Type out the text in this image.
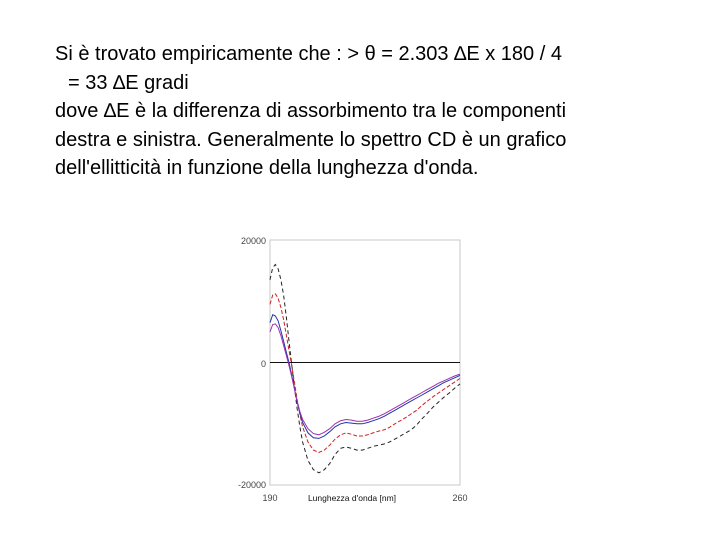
Si è trovato empiricamente che : > θ = 2.303 ∆E x 180 / 4

= 33 ∆E gradi

dove ∆E è la differenza di assorbimento tra le componenti

destra e sinistra. Generalmente lo spettro CD è un grafico

dell'ellitticità in funzione della lunghezza d'onda.

20000
0
-20000
190	260
Lunghezza d'onda [nm]
